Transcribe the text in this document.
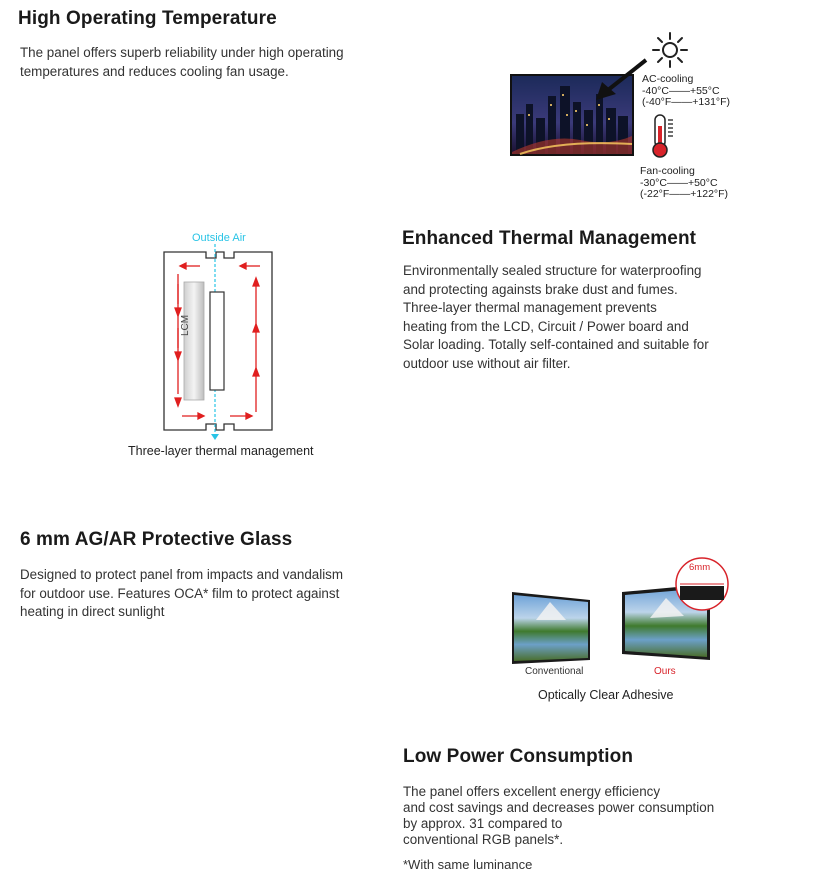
High Operating Temperature
The panel offers superb reliability under high operating
temperatures and reduces cooling fan usage.
AC-cooling
-40°C——+55°C
(-40°F——+131°F)
Fan-cooling
-30°C——+50°C
(-22°F——+122°F)
Outside Air
LCM
Three-layer thermal management
Enhanced Thermal Management
Environmentally sealed structure for waterproofing
and protecting againsts brake dust and fumes.
Three-layer thermal management prevents
heating from the LCD, Circuit / Power board and
Solar loading. Totally self-contained and suitable for
outdoor use without air filter.
6 mm AG/AR Protective Glass
Designed to protect panel from impacts and vandalism
for outdoor use. Features OCA* film to protect against
heating in direct sunlight
Conventional
6mm
Ours
Optically Clear Adhesive
Low Power Consumption
The panel offers excellent energy efficiency
and cost savings and decreases power consumption
by approx. 31 compared to
conventional RGB panels*.
*With same luminance
